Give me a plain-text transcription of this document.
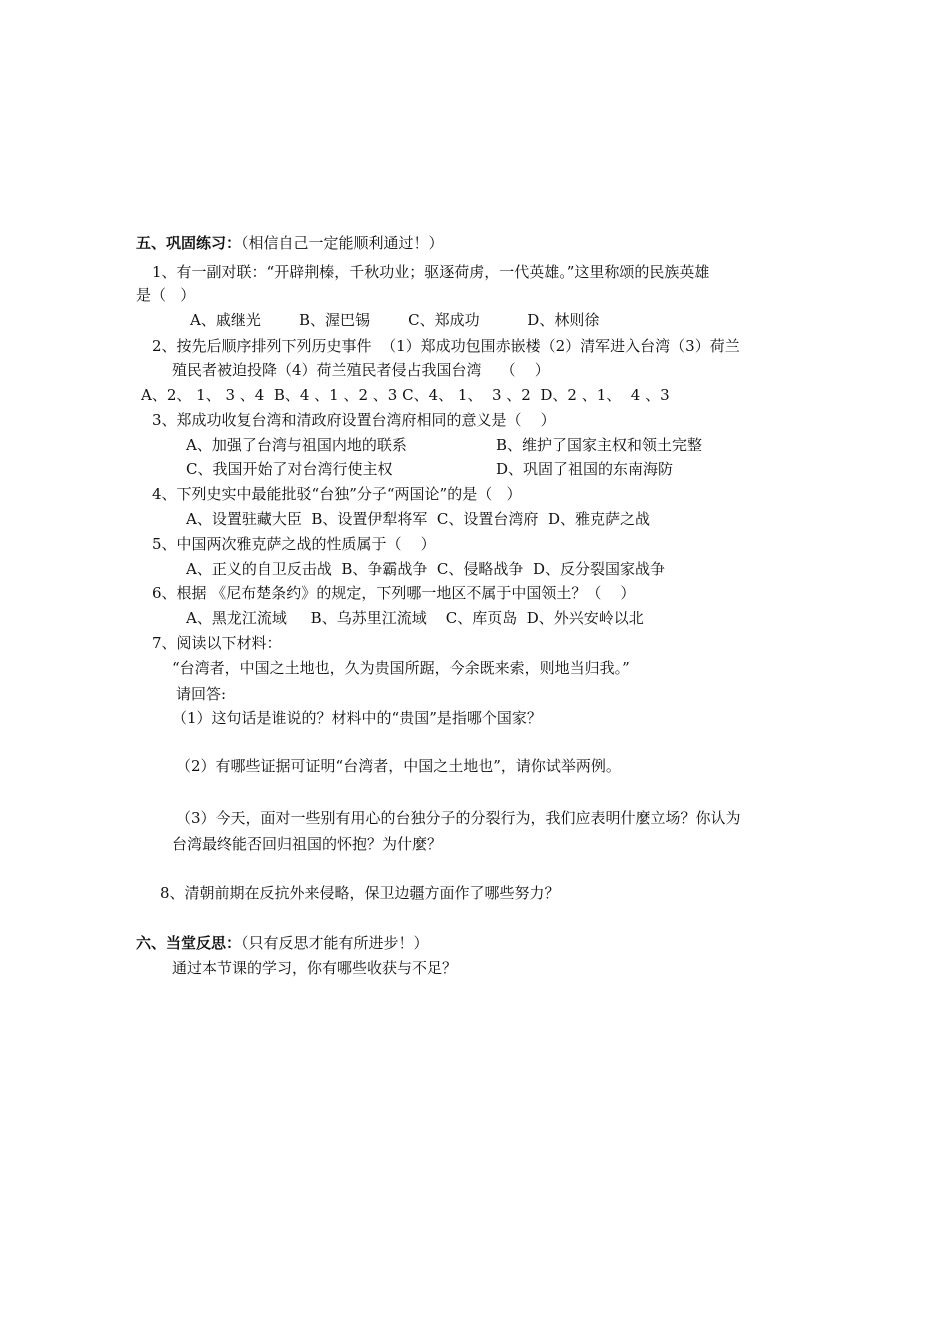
五、巩固练习：（相信自己一定能顺利通过！）
1、有一副对联：“开辟荆榛，千秋功业；驱逐荷虏，一代英雄。”这里称颂的民族英雄
是（   ）
A、戚继光        B、渥巴锡        C、郑成功          D、林则徐
2、按先后顺序排列下列历史事件  （1）郑成功包围赤嵌楼（2）清军进入台湾（3）荷兰
殖民者被迫投降（4）荷兰殖民者侵占我国台湾    （    ）
A、2、 1、 3 、4  B、4 、1 、2 、3 C、4、 1、  3 、2  D、2 、1、  4 、3
3、郑成功收复台湾和清政府设置台湾府相同的意义是（    ）
A、加强了台湾与祖国内地的联系	B、维护了国家主权和领土完整
C、我国开始了对台湾行使主权	D、巩固了祖国的东南海防
4、下列史实中最能批驳“台独”分子“两国论”的是（   ）
A、设置驻藏大臣  B、设置伊犁将军  C、设置台湾府  D、雅克萨之战
5、中国两次雅克萨之战的性质属于（    ）
A、正义的自卫反击战  B、争霸战争  C、侵略战争  D、反分裂国家战争
6、根据 《尼布楚条约》的规定，下列哪一地区不属于中国领土？（    ）
A、黑龙江流域     B、乌苏里江流域    C、库页岛  D、外兴安岭以北
7、阅读以下材料：
“台湾者，中国之土地也，久为贵国所踞，今余既来索，则地当归我。”
请回答:
（1）这句话是谁说的？材料中的“贵国”是指哪个国家？
（2）有哪些证据可证明“台湾者，中国之土地也”，请你试举两例。
（3）今天，面对一些别有用心的台独分子的分裂行为，我们应表明什麼立场？你认为
台湾最终能否回归祖国的怀抱？为什麼？
8、清朝前期在反抗外来侵略，保卫边疆方面作了哪些努力？
六、当堂反思：（只有反思才能有所进步！）
通过本节课的学习，你有哪些收获与不足？
